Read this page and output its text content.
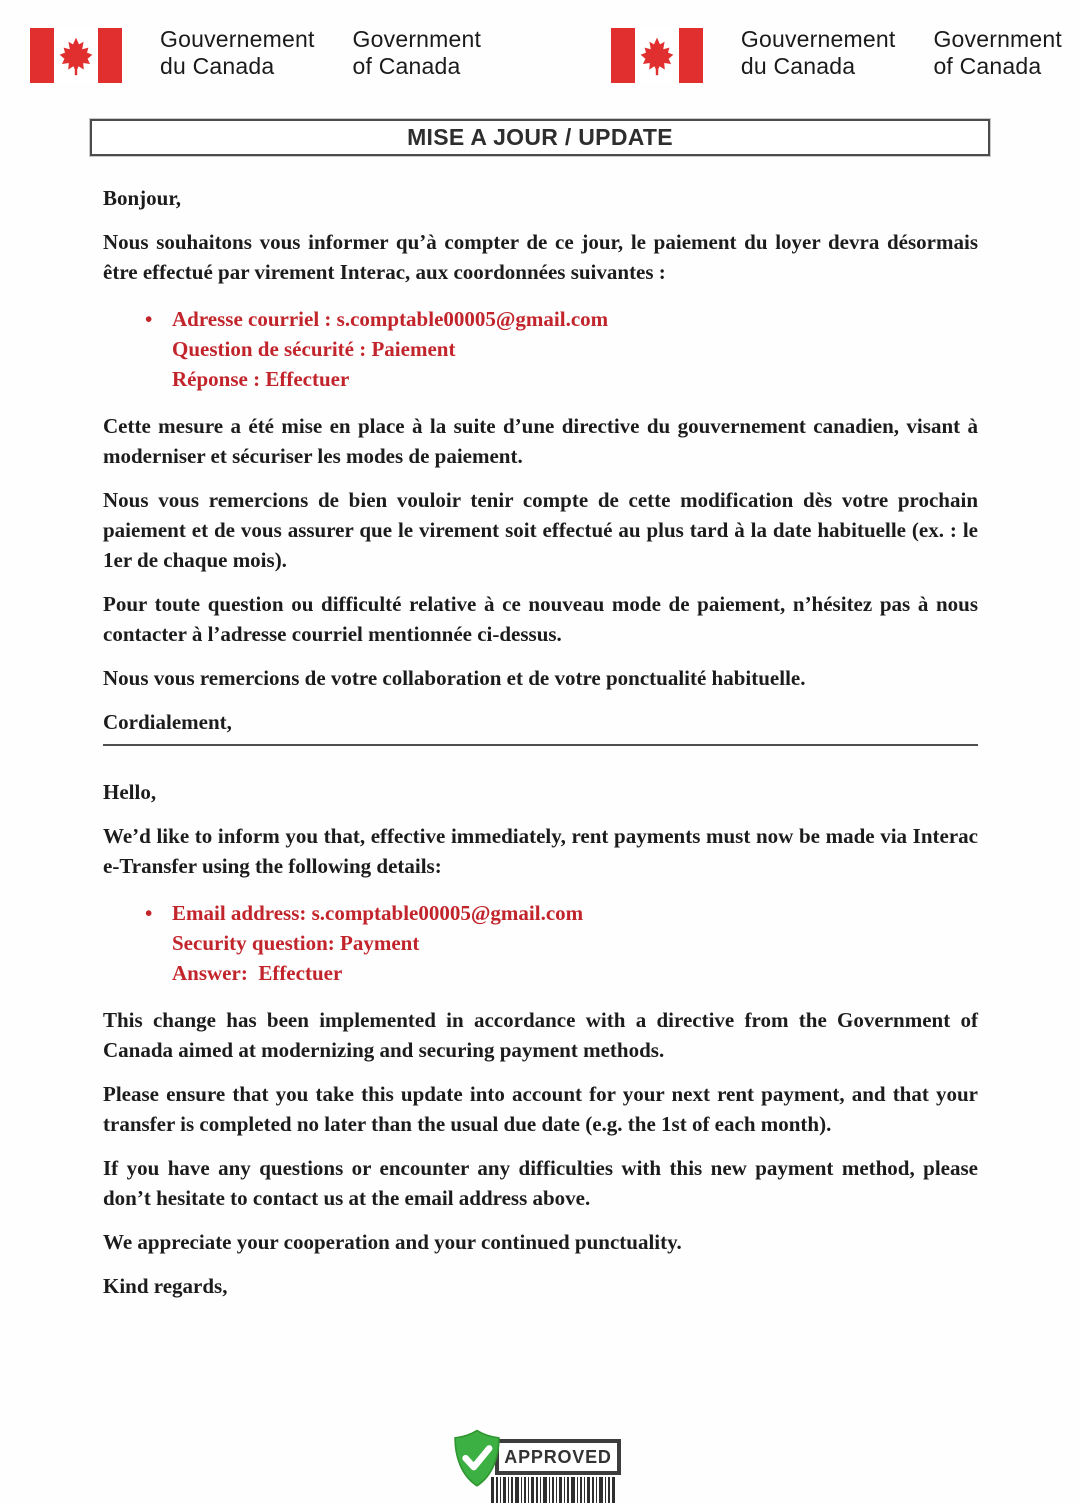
Gouvernement
du Canada
Government
of Canada
Gouvernement
du Canada
Government
of Canada
MISE A JOUR / UPDATE

Bonjour,

Nous souhaitons vous informer qu’à compter de ce jour, le paiement du loyer devra désormais être effectué par virement Interac, aux coordonnées suivantes :

• Adresse courriel : s.comptable00005@gmail.com
Question de sécurité : Paiement
Réponse : Effectuer

Cette mesure a été mise en place à la suite d’une directive du gouvernement canadien, visant à moderniser et sécuriser les modes de paiement.

Nous vous remercions de bien vouloir tenir compte de cette modification dès votre prochain paiement et de vous assurer que le virement soit effectué au plus tard à la date habituelle (ex. : le 1er de chaque mois).

Pour toute question ou difficulté relative à ce nouveau mode de paiement, n’hésitez pas à nous contacter à l’adresse courriel mentionnée ci-dessus.

Nous vous remercions de votre collaboration et de votre ponctualité habituelle.

Cordialement,

Hello,

We’d like to inform you that, effective immediately, rent payments must now be made via Interac e-Transfer using the following details:

• Email address: s.comptable00005@gmail.com
Security question: Payment
Answer:  Effectuer

This change has been implemented in accordance with a directive from the Government of Canada aimed at modernizing and securing payment methods.

Please ensure that you take this update into account for your next rent payment, and that your transfer is completed no later than the usual due date (e.g. the 1st of each month).

If you have any questions or encounter any difficulties with this new payment method, please don’t hesitate to contact us at the email address above.

We appreciate your cooperation and your continued punctuality.

Kind regards,

APPROVED
